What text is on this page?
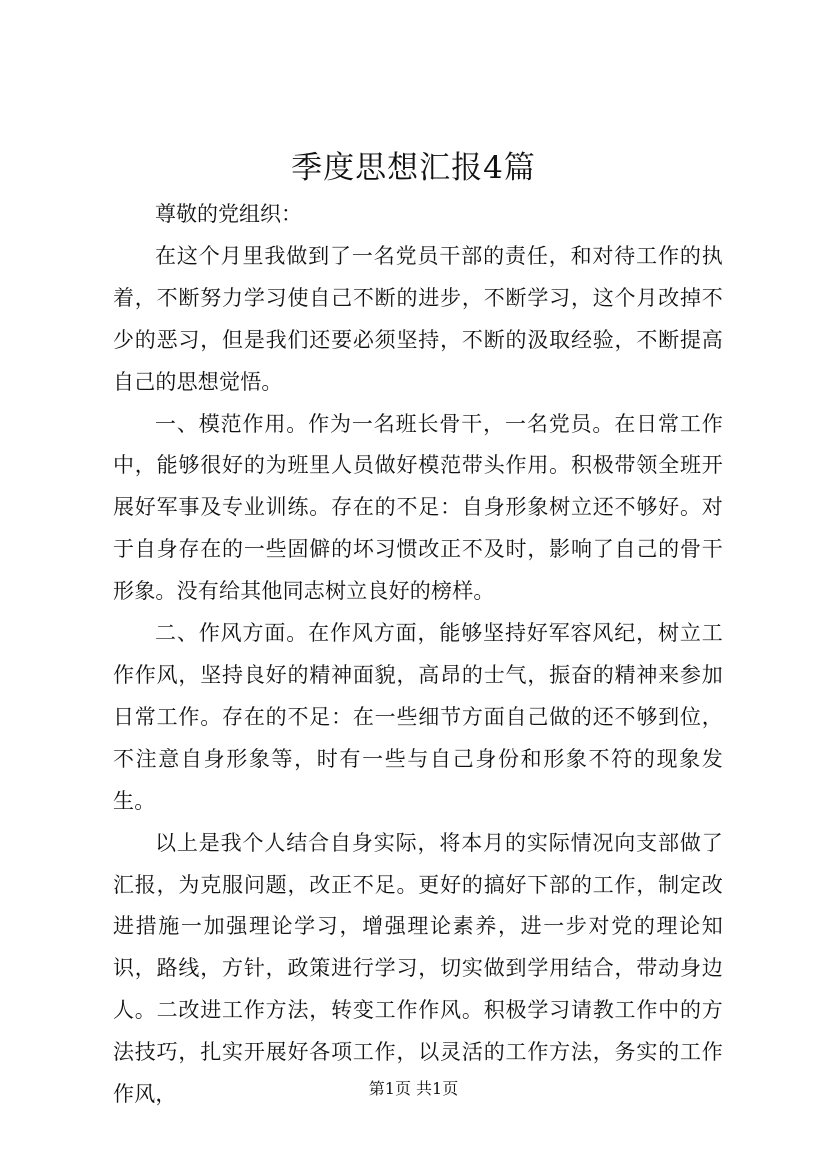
季度思想汇报4篇

尊敬的党组织：

在这个月里我做到了一名党员干部的责任，和对待工作的执着，不断努力学习使自己不断的进步，不断学习，这个月改掉不少的恶习，但是我们还要必须坚持，不断的汲取经验，不断提高自己的思想觉悟。

一、模范作用。作为一名班长骨干，一名党员。在日常工作中，能够很好的为班里人员做好模范带头作用。积极带领全班开展好军事及专业训练。存在的不足：自身形象树立还不够好。对于自身存在的一些固僻的坏习惯改正不及时，影响了自己的骨干形象。没有给其他同志树立良好的榜样。

二、作风方面。在作风方面，能够坚持好军容风纪，树立工作作风，坚持良好的精神面貌，高昂的士气，振奋的精神来参加日常工作。存在的不足：在一些细节方面自己做的还不够到位，不注意自身形象等，时有一些与自己身份和形象不符的现象发生。

以上是我个人结合自身实际，将本月的实际情况向支部做了汇报，为克服问题，改正不足。更好的搞好下部的工作，制定改进措施一加强理论学习，增强理论素养，进一步对党的理论知识，路线，方针，政策进行学习，切实做到学用结合，带动身边人。二改进工作方法，转变工作作风。积极学习请教工作中的方法技巧，扎实开展好各项工作，以灵活的工作方法，务实的工作作风，	第1页 共1页
